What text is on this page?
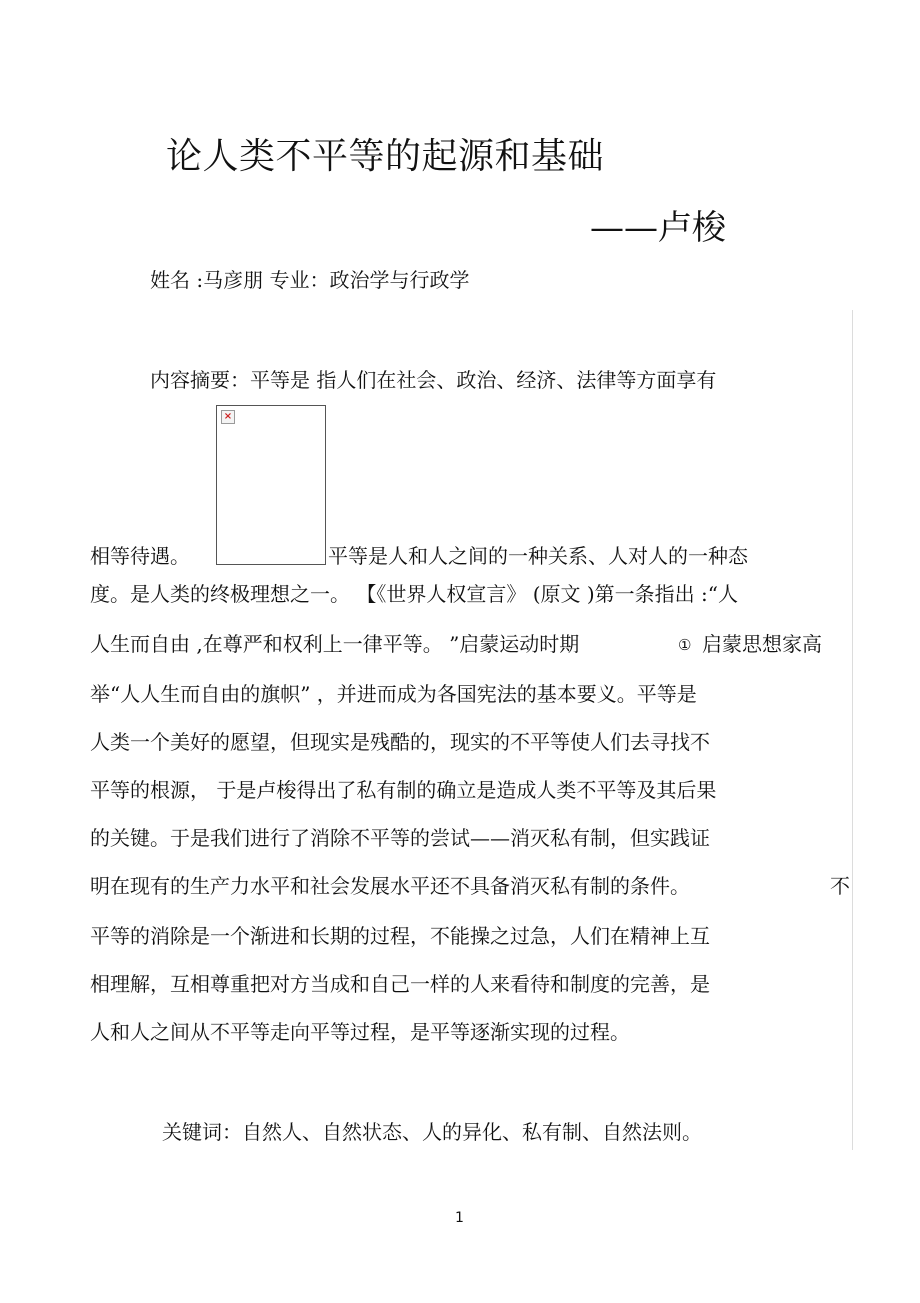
论人类不平等的起源和基础
——卢梭
姓名 :马彦朋 专业：政治学与行政学
内容摘要：平等是 指人们在社会、政治、经济、法律等方面享有
×
相等待遇。	平等是人和人之间的一种关系、人对人的一种态
度。是人类的终极理想之一。 【《世界人权宣言》 (原文 )第一条指出 :“人
人生而自由 ,在尊严和权利上一律平等。 ”启蒙运动时期	① 启蒙思想家高
举“人人生而自由的旗帜” ，并进而成为各国宪法的基本要义。平等是
人类一个美好的愿望，但现实是残酷的，现实的不平等使人们去寻找不
平等的根源， 于是卢梭得出了私有制的确立是造成人类不平等及其后果
的关键。于是我们进行了消除不平等的尝试——消灭私有制，但实践证
明在现有的生产力水平和社会发展水平还不具备消灭私有制的条件。	不
平等的消除是一个渐进和长期的过程，不能操之过急，人们在精神上互
相理解，互相尊重把对方当成和自己一样的人来看待和制度的完善，是
人和人之间从不平等走向平等过程，是平等逐渐实现的过程。
关键词：自然人、自然状态、人的异化、私有制、自然法则。
1
